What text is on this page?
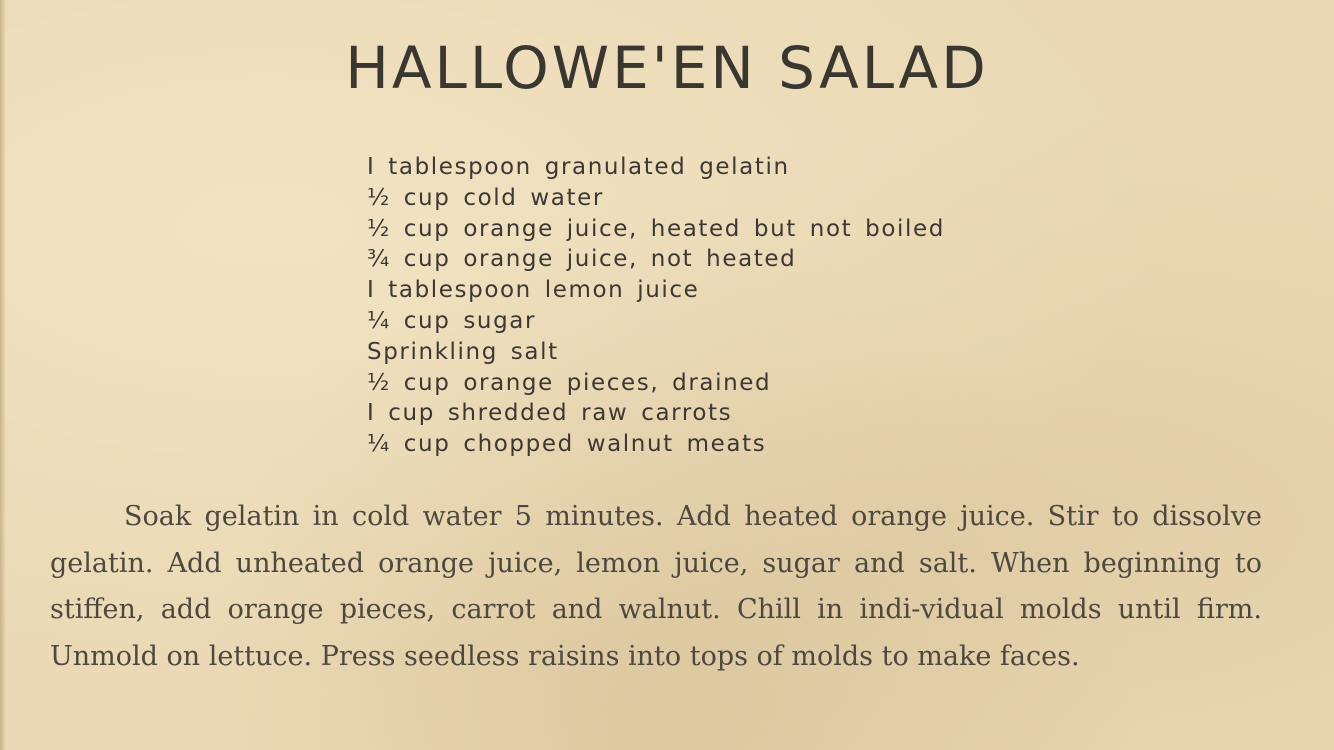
HALLOWE'EN SALAD
I tablespoon granulated gelatin
½ cup cold water
½ cup orange juice, heated but not boiled
¾ cup orange juice, not heated
I tablespoon lemon juice
¼ cup sugar
Sprinkling salt
½ cup orange pieces, drained
I cup shredded raw carrots
¼ cup chopped walnut meats

Soak gelatin in cold water 5 minutes. Add heated orange juice. Stir to dissolve gelatin. Add unheated orange juice, lemon juice, sugar and salt. When beginning to stiffen, add orange pieces, carrot and walnut. Chill in indi-vidual molds until firm. Unmold on lettuce. Press seedless raisins into tops of molds to make faces.
